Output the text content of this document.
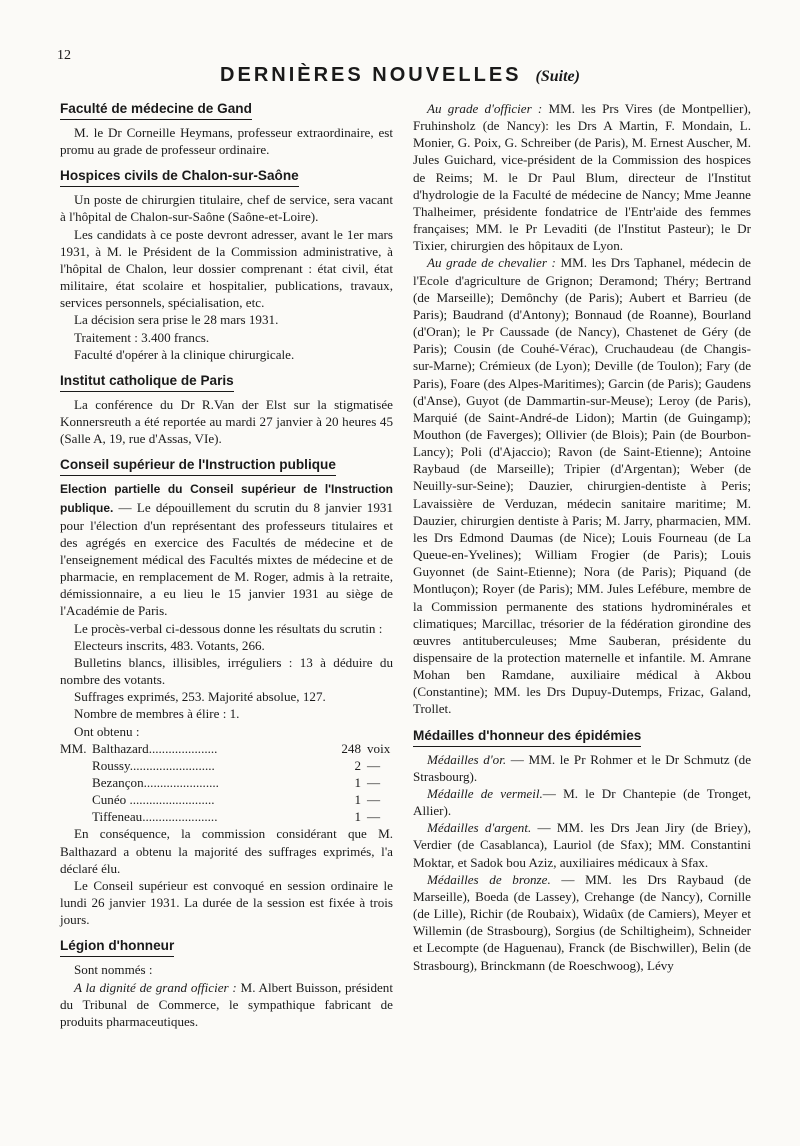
12
DERNIÈRES NOUVELLES (Suite)
Faculté de médecine de Gand

M. le Dr Corneille Heymans, professeur extraordinaire, est promu au grade de professeur ordinaire.

Hospices civils de Chalon-sur-Saône

Un poste de chirurgien titulaire, chef de service, sera vacant à l'hôpital de Chalon-sur-Saône (Saône-et-Loire).

Les candidats à ce poste devront adresser, avant le 1er mars 1931, à M. le Président de la Commission administrative, à l'hôpital de Chalon, leur dossier comprenant : état civil, état militaire, état scolaire et hospitalier, publications, travaux, services personnels, spécialisation, etc.

La décision sera prise le 28 mars 1931.

Traitement : 3.400 francs.

Faculté d'opérer à la clinique chirurgicale.

Institut catholique de Paris

La conférence du Dr R.Van der Elst sur la stigmatisée Konnersreuth a été reportée au mardi 27 janvier à 20 heures 45 (Salle A, 19, rue d'Assas, VIe).

Conseil supérieur de l'Instruction publique

Election partielle du Conseil supérieur de l'Instruction publique. — Le dépouillement du scrutin du 8 janvier 1931 pour l'élection d'un représentant des professeurs titulaires et des agrégés en exercice des Facultés de médecine et de l'enseignement médical des Facultés mixtes de médecine et de pharmacie, en remplacement de M. Roger, admis à la retraite, démissionnaire, a eu lieu le 15 janvier 1931 au siège de l'Académie de Paris.

Le procès-verbal ci-dessous donne les résultats du scrutin :

Electeurs inscrits, 483. Votants, 266.

Bulletins blancs, illisibles, irréguliers : 13 à déduire du nombre des votants.

Suffrages exprimés, 253. Majorité absolue, 127.

Nombre de membres à élire : 1.

Ont obtenu :

MM. Balthazard.....................	248 voix
Roussy..........................	2 —
Bezançon.......................	1 —
Cunéo ..........................	1 —
Tiffeneau.......................	1 —

En conséquence, la commission considérant que M. Balthazard a obtenu la majorité des suffrages exprimés, l'a déclaré élu.

Le Conseil supérieur est convoqué en session ordinaire le lundi 26 janvier 1931. La durée de la session est fixée à trois jours.

Légion d'honneur

Sont nommés :

A la dignité de grand officier : M. Albert Buisson, président du Tribunal de Commerce, le sympathique fabricant de produits pharmaceutiques.

Au grade d'officier : MM. les Prs Vires (de Montpellier), Fruhinsholz (de Nancy): les Drs A Martin, F. Mondain, L. Monier, G. Poix, G. Schreiber (de Paris), M. Ernest Auscher, M. Jules Guichard, vice-président de la Commission des hospices de Reims; M. le Dr Paul Blum, directeur de l'Institut d'hydrologie de la Faculté de médecine de Nancy; Mme Jeanne Thalheimer, présidente fondatrice de l'Entr'aide des femmes françaises; MM. le Pr Levaditi (de l'Institut Pasteur); le Dr Tixier, chirurgien des hôpitaux de Lyon.

Au grade de chevalier : MM. les Drs Taphanel, médecin de l'Ecole d'agriculture de Grignon; Deramond; Théry; Bertrand (de Marseille); Demônchy (de Paris); Aubert et Barrieu (de Paris); Baudrand (d'Antony); Bonnaud (de Roanne), Bourland (d'Oran); le Pr Caussade (de Nancy), Chastenet de Géry (de Paris); Cousin (de Couhé-Vérac), Cruchaudeau (de Changis-sur-Marne); Crémieux (de Lyon); Deville (de Toulon); Fary (de Paris), Foare (des Alpes-Maritimes); Garcin (de Paris); Gaudens (d'Anse), Guyot (de Dammartin-sur-Meuse); Leroy (de Paris), Marquié (de Saint-André-de Lidon); Martin (de Guingamp); Mouthon (de Faverges); Ollivier (de Blois); Pain (de Bourbon-Lancy); Poli (d'Ajaccio); Ravon (de Saint-Etienne); Antoine Raybaud (de Marseille); Tripier (d'Argentan); Weber (de Neuilly-sur-Seine); Dauzier, chirurgien-dentiste à Peris; Lavaissière de Verduzan, médecin sanitaire maritime; M. Dauzier, chirurgien dentiste à Paris; M. Jarry, pharmacien, MM. les Drs Edmond Daumas (de Nice); Louis Fourneau (de La Queue-en-Yvelines); William Frogier (de Paris); Louis Guyonnet (de Saint-Etienne); Nora (de Paris); Piquand (de Montluçon); Royer (de Paris); MM. Jules Lefébure, membre de la Commission permanente des stations hydrominérales et climatiques; Marcillac, trésorier de la fédération girondine des œuvres antituberculeuses; Mme Sauberan, présidente du dispensaire de la protection maternelle et infantile. M. Amrane Mohan ben Ramdane, auxiliaire médical à Akbou (Constantine); MM. les Drs Dupuy-Dutemps, Frizac, Galand, Trollet.

Médailles d'honneur des épidémies

Médailles d'or. — MM. le Pr Rohmer et le Dr Schmutz (de Strasbourg).

Médaille de vermeil.— M. le Dr Chantepie (de Tronget, Allier).

Médailles d'argent. — MM. les Drs Jean Jiry (de Briey), Verdier (de Casablanca), Lauriol (de Sfax); MM. Constantini Moktar, et Sadok bou Aziz, auxiliaires médicaux à Sfax.

Médailles de bronze. — MM. les Drs Raybaud (de Marseille), Boeda (de Lassey), Crehange (de Nancy), Cornille (de Lille), Richir (de Roubaix), Widaûx (de Camiers), Meyer et Willemin (de Strasbourg), Sorgius (de Schiltigheim), Schneider et Lecompte (de Haguenau), Franck (de Bischwiller), Belin (de Strasbourg), Brinckmann (de Roeschwoog), Lévy
